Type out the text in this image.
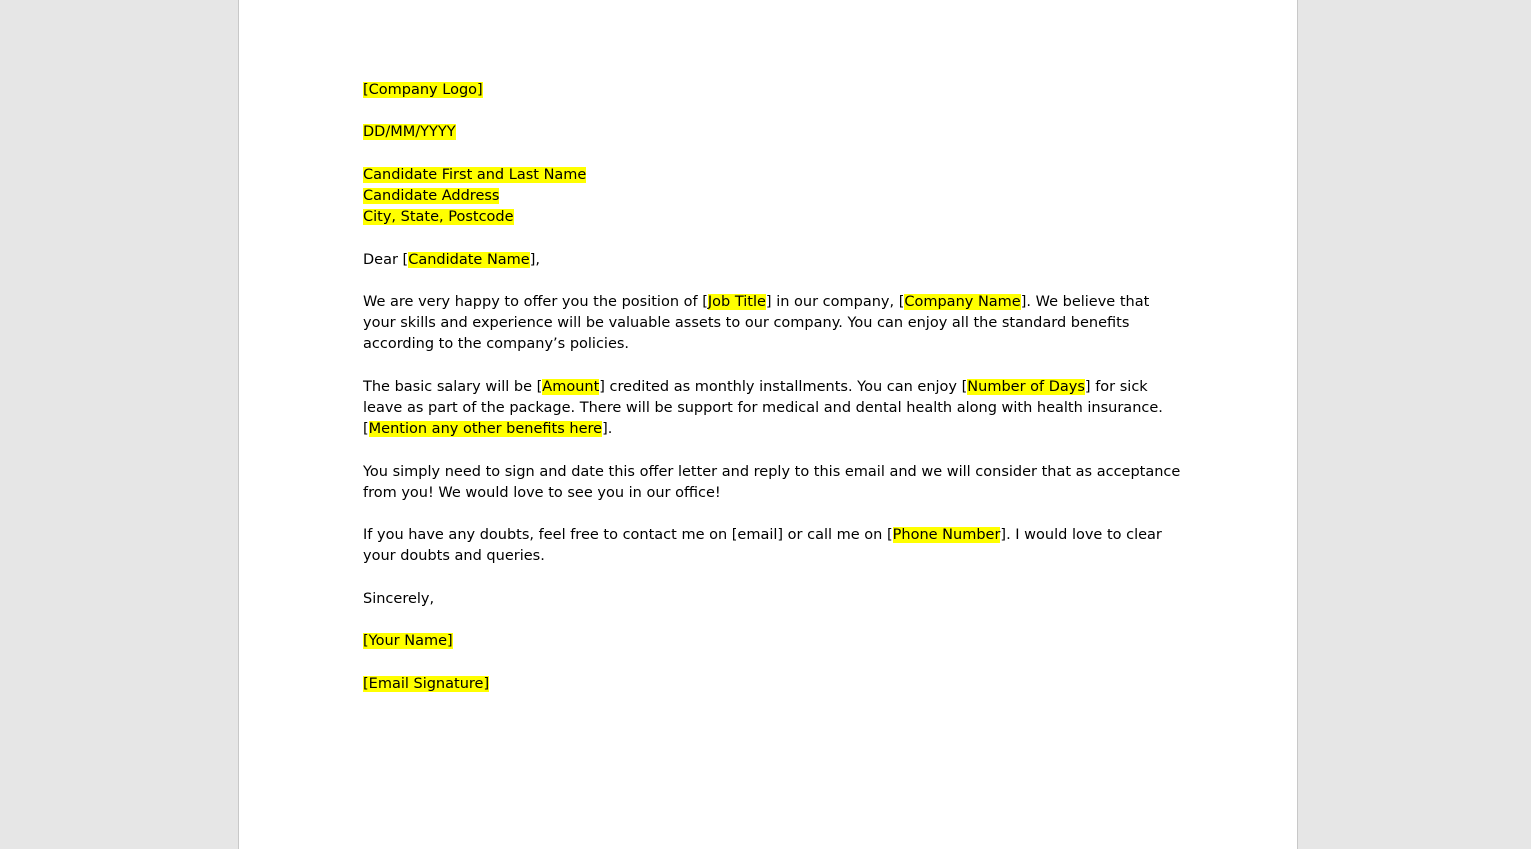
[Company Logo]
DD/MM/YYYY
Candidate First and Last Name
Candidate Address
City, State, Postcode
Dear [Candidate Name],
We are very happy to offer you the position of [Job Title] in our company, [Company Name]. We believe that your skills and experience will be valuable assets to our company. You can enjoy all the standard benefits according to the company’s policies.
The basic salary will be [Amount] credited as monthly installments. You can enjoy [Number of Days] for sick leave as part of the package. There will be support for medical and dental health along with health insurance. [Mention any other benefits here].
You simply need to sign and date this offer letter and reply to this email and we will consider that as acceptance from you! We would love to see you in our office!
If you have any doubts, feel free to contact me on [email] or call me on [Phone Number]. I would love to clear your doubts and queries.
Sincerely,
[Your Name]
[Email Signature]
